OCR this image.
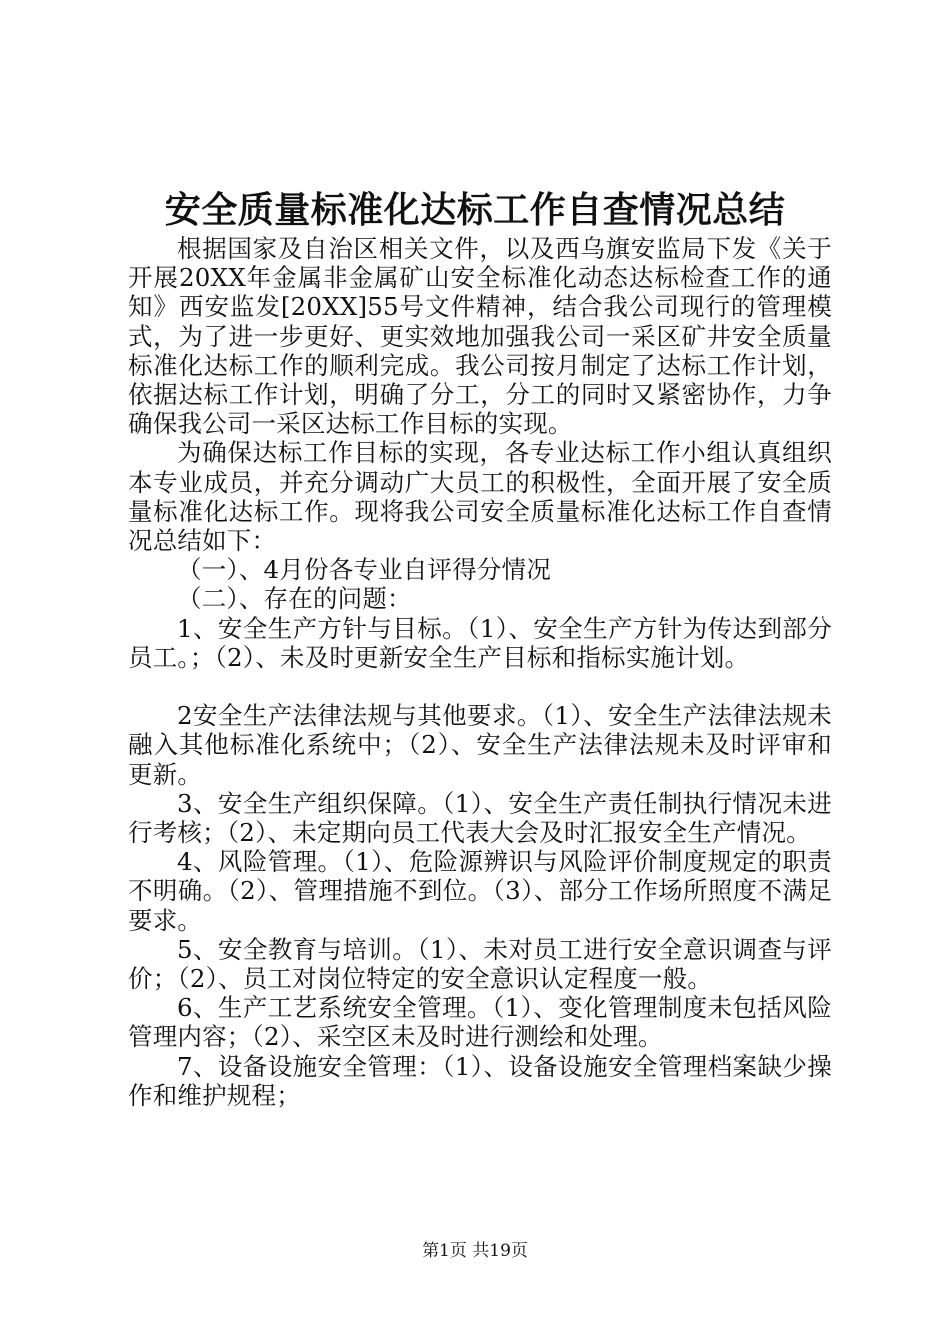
安全质量标准化达标工作自查情况总结

根据国家及自治区相关文件，以及西乌旗安监局下发《关于开展20XX年金属非金属矿山安全标准化动态达标检查工作的通知》西安监发[20XX]55号文件精神，结合我公司现行的管理模式，为了进一步更好、更实效地加强我公司一采区矿井安全质量标准化达标工作的顺利完成。我公司按月制定了达标工作计划，依据达标工作计划，明确了分工，分工的同时又紧密协作，力争确保我公司一采区达标工作目标的实现。

为确保达标工作目标的实现，各专业达标工作小组认真组织本专业成员，并充分调动广大员工的积极性，全面开展了安全质量标准化达标工作。现将我公司安全质量标准化达标工作自查情况总结如下：

（一）、4月份各专业自评得分情况

（二）、存在的问题：

1、安全生产方针与目标。（1）、安全生产方针为传达到部分员工。；（2）、未及时更新安全生产目标和指标实施计划。

2安全生产法律法规与其他要求。（1）、安全生产法律法规未融入其他标准化系统中；（2）、安全生产法律法规未及时评审和更新。

3、安全生产组织保障。（1）、安全生产责任制执行情况未进行考核；（2）、未定期向员工代表大会及时汇报安全生产情况。

4、风险管理。（1）、危险源辨识与风险评价制度规定的职责不明确。（2）、管理措施不到位。（3）、部分工作场所照度不满足要求。

5、安全教育与培训。（1）、未对员工进行安全意识调查与评价；（2）、员工对岗位特定的安全意识认定程度一般。

6、生产工艺系统安全管理。（1）、变化管理制度未包括风险管理内容；（2）、采空区未及时进行测绘和处理。

7、设备设施安全管理：（1）、设备设施安全管理档案缺少操作和维护规程；

第1页 共19页
